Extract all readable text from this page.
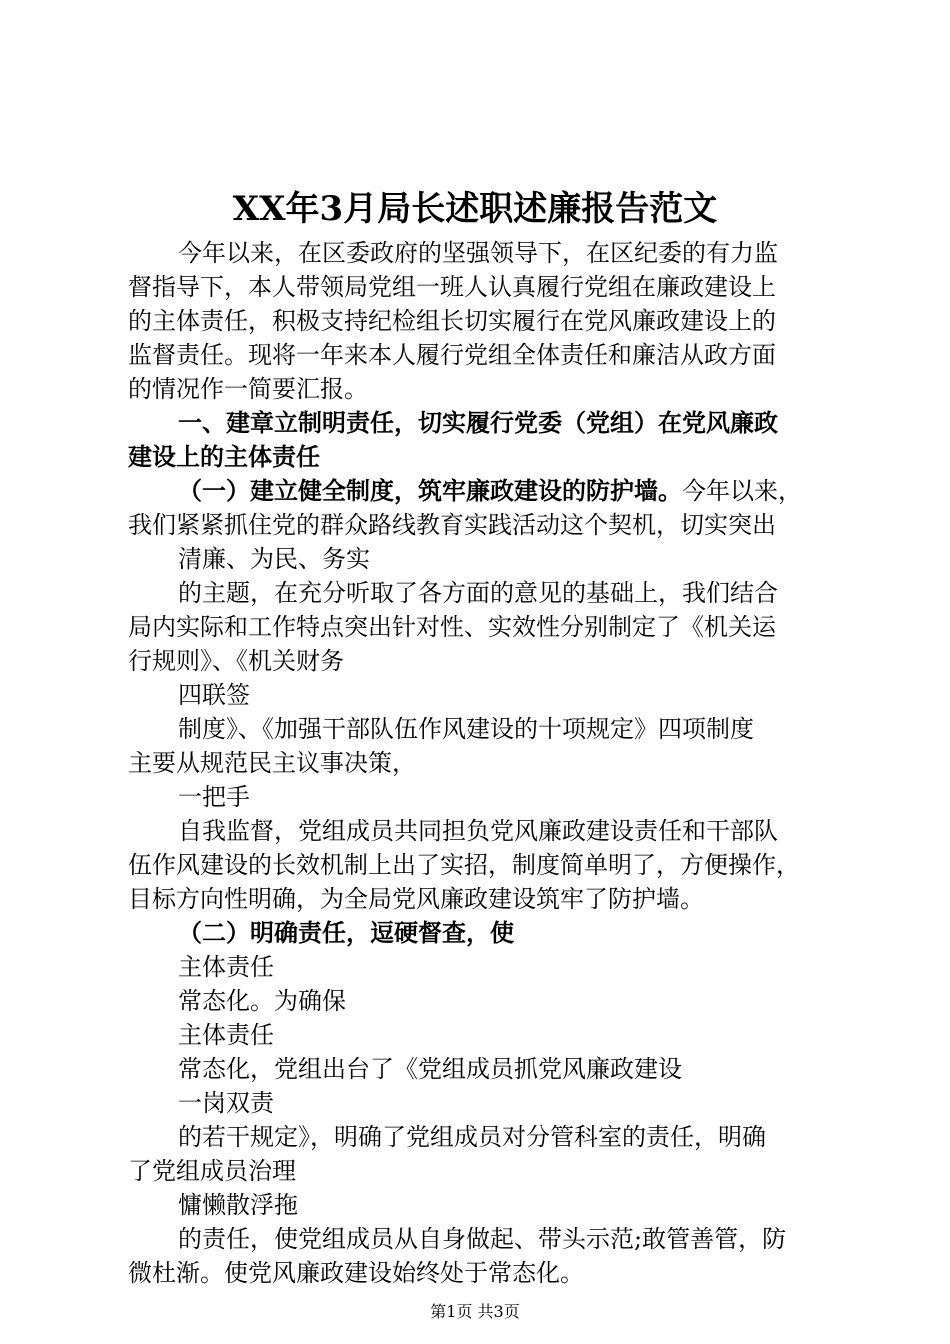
XX年3月局长述职述廉报告范文
今年以来，在区委政府的坚强领导下，在区纪委的有力监
督指导下，本人带领局党组一班人认真履行党组在廉政建设上
的主体责任，积极支持纪检组长切实履行在党风廉政建设上的
监督责任。现将一年来本人履行党组全体责任和廉洁从政方面
的情况作一简要汇报。
一、建章立制明责任，切实履行党委（党组）在党风廉政
建设上的主体责任
（一）建立健全制度，筑牢廉政建设的防护墙。今年以来，
我们紧紧抓住党的群众路线教育实践活动这个契机，切实突出
清廉、为民、务实
的主题，在充分听取了各方面的意见的基础上，我们结合
局内实际和工作特点突出针对性、实效性分别制定了《机关运
行规则》、《机关财务
四联签
制度》、《加强干部队伍作风建设的十项规定》四项制度
主要从规范民主议事决策，
一把手
自我监督，党组成员共同担负党风廉政建设责任和干部队
伍作风建设的长效机制上出了实招，制度简单明了，方便操作，
目标方向性明确，为全局党风廉政建设筑牢了防护墙。
（二）明确责任，逗硬督查，使
主体责任
常态化。为确保
主体责任
常态化，党组出台了《党组成员抓党风廉政建设
一岗双责
的若干规定》，明确了党组成员对分管科室的责任，明确
了党组成员治理
慵懒散浮拖
的责任，使党组成员从自身做起、带头示范;敢管善管，防
微杜渐。使党风廉政建设始终处于常态化。
第1页 共3页
